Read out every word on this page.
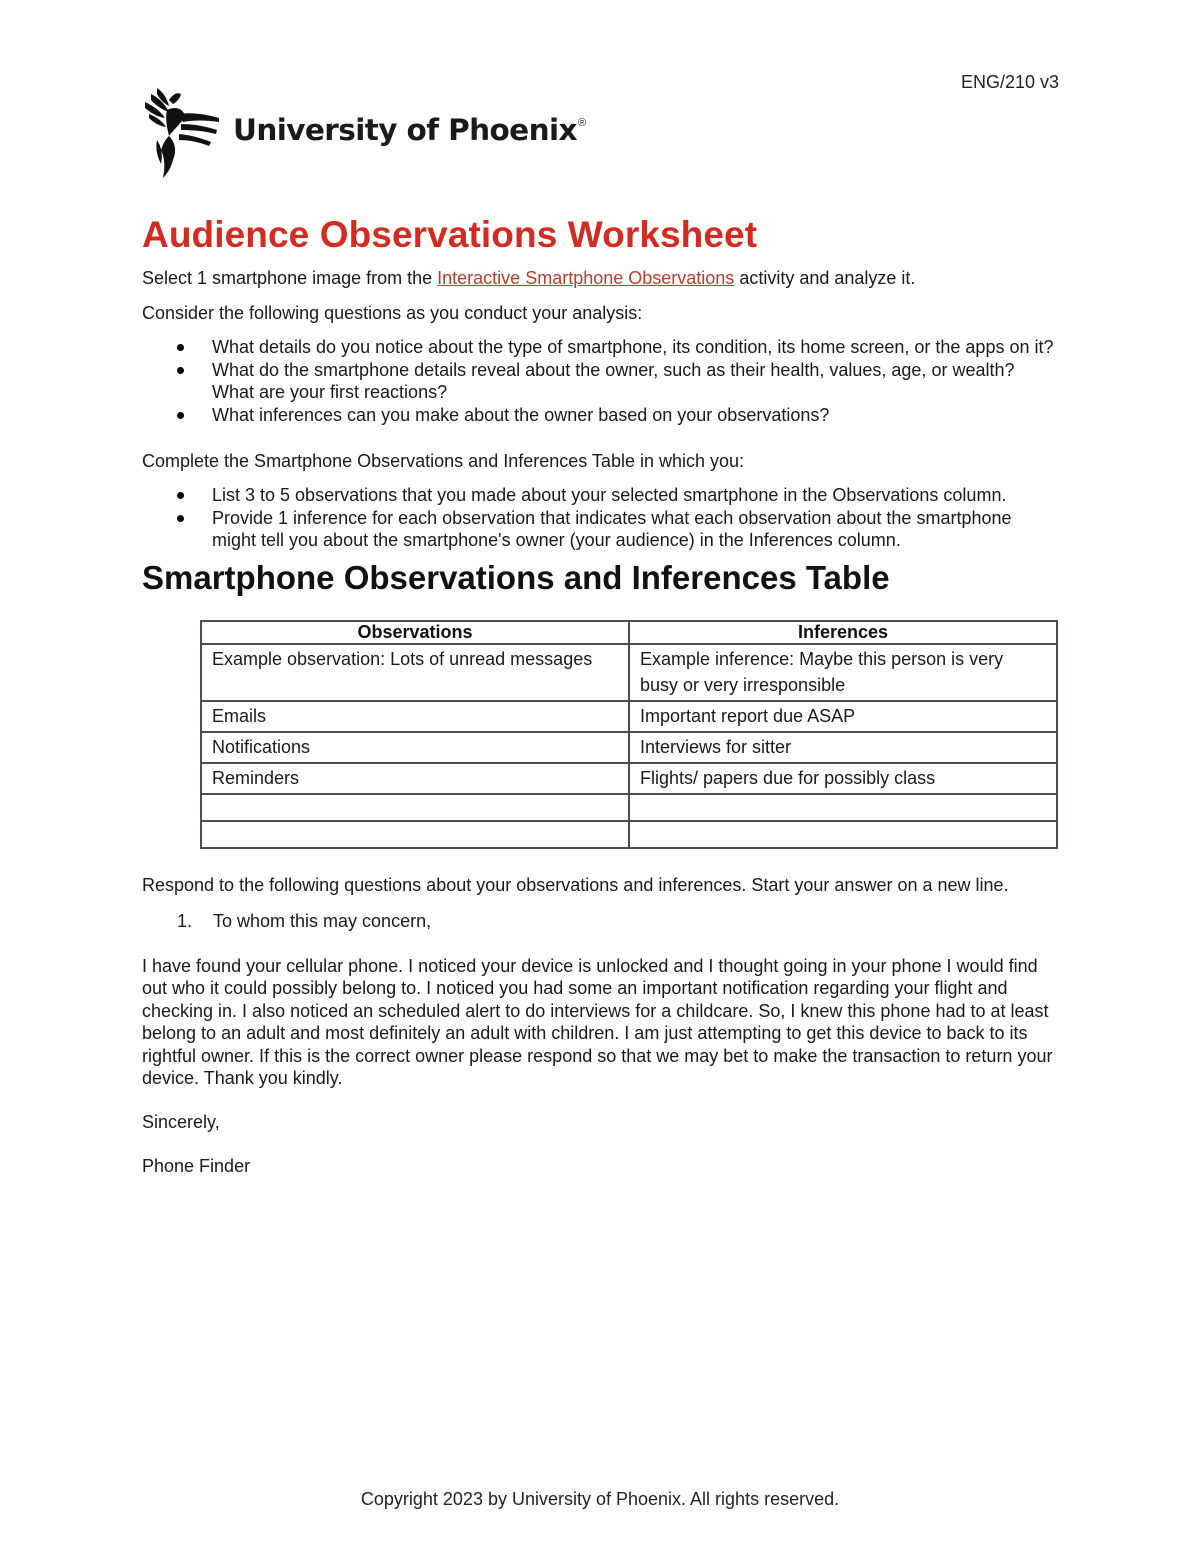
ENG/210 v3
University of Phoenix®
Audience Observations Worksheet

Select 1 smartphone image from the Interactive Smartphone Observations activity and analyze it.

Consider the following questions as you conduct your analysis:

What details do you notice about the type of smartphone, its condition, its home screen, or the apps on it?
What do the smartphone details reveal about the owner, such as their health, values, age, or wealth? What are your first reactions?
What inferences can you make about the owner based on your observations?

Complete the Smartphone Observations and Inferences Table in which you:

List 3 to 5 observations that you made about your selected smartphone in the Observations column.
Provide 1 inference for each observation that indicates what each observation about the smartphone might tell you about the smartphone's owner (your audience) in the Inferences column.
Smartphone Observations and Inferences Table
Observations	Inferences
Example observation: Lots of unread messages	Example inference: Maybe this person is very busy or very irresponsible
Emails	Important report due ASAP
Notifications	Interviews for sitter
Reminders	Flights/ papers due for possibly class

Respond to the following questions about your observations and inferences. Start your answer on a new line.

1. To whom this may concern,

I have found your cellular phone. I noticed your device is unlocked and I thought going in your phone I would find out who it could possibly belong to. I noticed you had some an important notification regarding your flight and checking in. I also noticed an scheduled alert to do interviews for a childcare. So, I knew this phone had to at least belong to an adult and most definitely an adult with children. I am just attempting to get this device to back to its rightful owner. If this is the correct owner please respond so that we may bet to make the transaction to return your device. Thank you kindly.

Sincerely,

Phone Finder

Copyright 2023 by University of Phoenix. All rights reserved.
